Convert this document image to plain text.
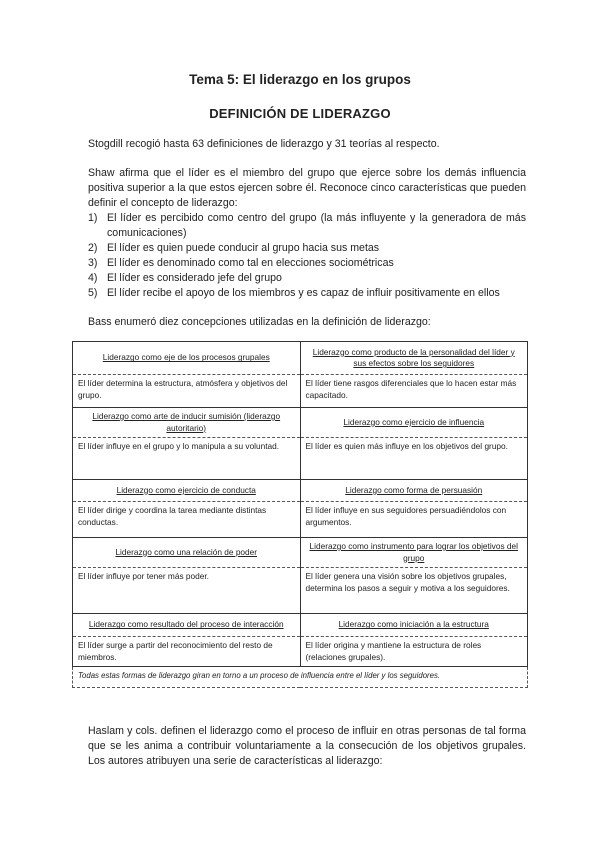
Tema 5: El liderazgo en los grupos
DEFINICIÓN DE LIDERAZGO
Stogdill recogió hasta 63 definiciones de liderazgo y 31 teorías al respecto.
Shaw afirma que el líder es el miembro del grupo que ejerce sobre los demás influencia positiva superior a la que estos ejercen sobre él. Reconoce cinco características que pueden definir el concepto de liderazgo:
1) El líder es percibido como centro del grupo (la más influyente y la generadora de más comunicaciones)
2) El líder es quien puede conducir al grupo hacia sus metas
3) El líder es denominado como tal en elecciones sociométricas
4) El líder es considerado jefe del grupo
5) El líder recibe el apoyo de los miembros y es capaz de influir positivamente en ellos
Bass enumeró diez concepciones utilizadas en la definición de liderazgo:
Liderazgo como eje de los procesos grupales	Liderazgo como producto de la personalidad del líder y sus efectos sobre los seguidores
El líder determina la estructura, atmósfera y objetivos del grupo.	El líder tiene rasgos diferenciales que lo hacen estar más capacitado.
Liderazgo como arte de inducir sumisión (liderazgo autoritario)	Liderazgo como ejercicio de influencia
El líder influye en el grupo y lo manipula a su voluntad.	El líder es quien más influye en los objetivos del grupo.
Liderazgo como ejercicio de conducta	Liderazgo como forma de persuasión
El líder dirige y coordina la tarea mediante distintas conductas.	El líder influye en sus seguidores persuadiéndolos con argumentos.
Liderazgo como una relación de poder	Liderazgo como instrumento para lograr los objetivos del grupo
El líder influye por tener más poder.	El líder genera una visión sobre los objetivos grupales, determina los pasos a seguir y motiva a los seguidores.
Liderazgo como resultado del proceso de interacción	Liderazgo como iniciación a la estructura
El líder surge a partir del reconocimiento del resto de miembros.	El líder origina y mantiene la estructura de roles (relaciones grupales).
Todas estas formas de liderazgo giran en torno a un proceso de influencia entre el líder y los seguidores.	
Haslam y cols. definen el liderazgo como el proceso de influir en otras personas de tal forma que se les anima a contribuir voluntariamente a la consecución de los objetivos grupales. Los autores atribuyen una serie de características al liderazgo:
